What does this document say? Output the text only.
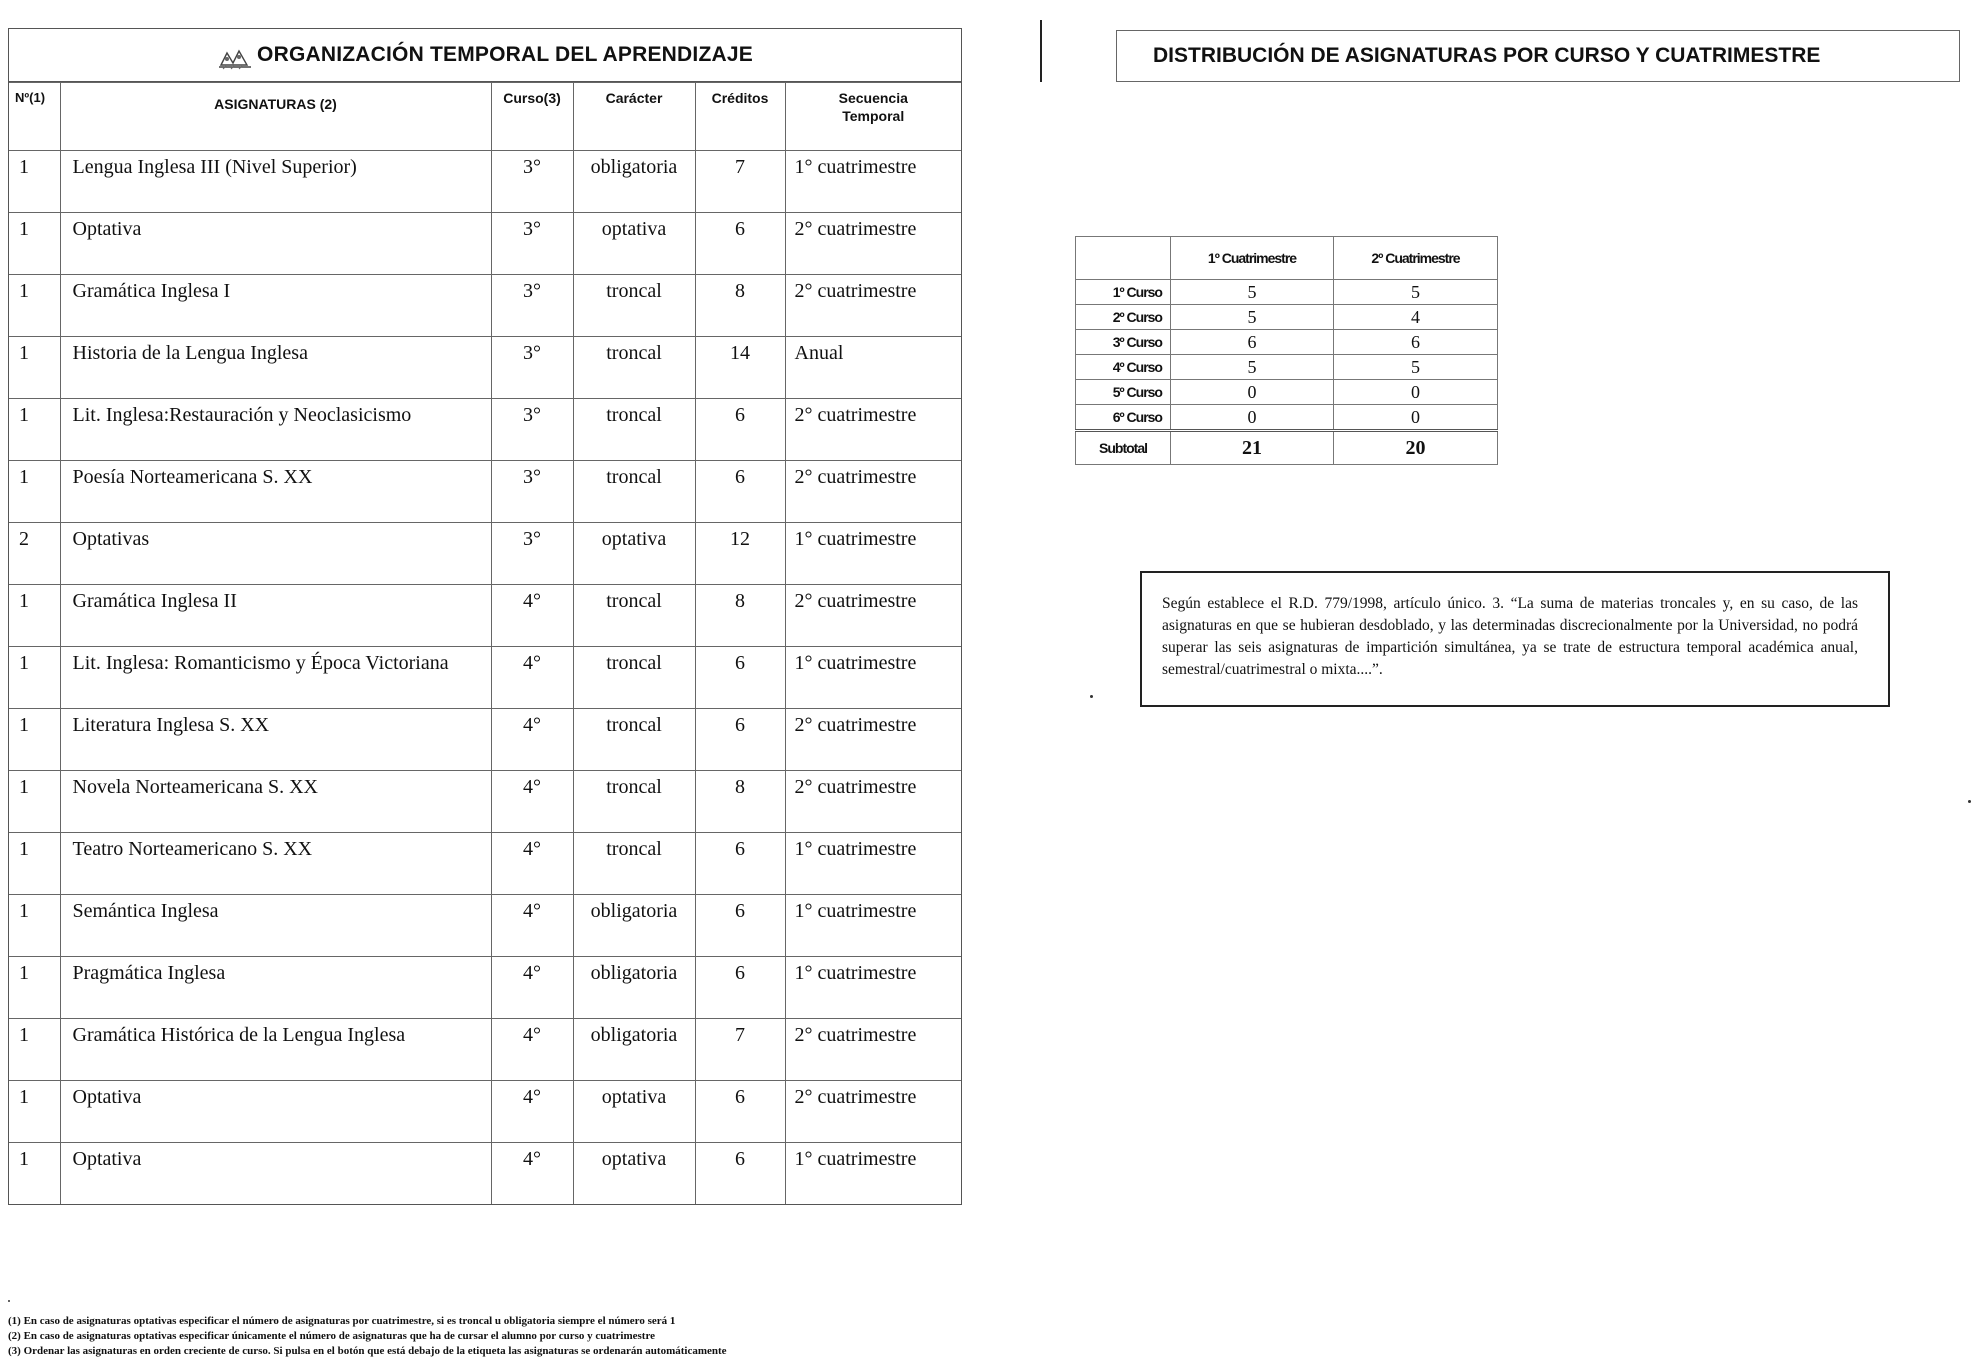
ORGANIZACIÓN TEMPORAL DEL APRENDIZAJE
Nº(1)	ASIGNATURAS (2)	Curso(3)	Carácter	Créditos	Secuencia Temporal
1	Lengua Inglesa III (Nivel Superior)	3°	obligatoria	7	1° cuatrimestre
1	Optativa	3°	optativa	6	2° cuatrimestre
1	Gramática Inglesa I	3°	troncal	8	2° cuatrimestre
1	Historia de la Lengua Inglesa	3°	troncal	14	Anual
1	Lit. Inglesa:Restauración y Neoclasicismo	3°	troncal	6	2° cuatrimestre
1	Poesía Norteamericana S. XX	3°	troncal	6	2° cuatrimestre
2	Optativas	3°	optativa	12	1° cuatrimestre
1	Gramática Inglesa II	4°	troncal	8	2° cuatrimestre
1	Lit. Inglesa: Romanticismo y Época Victoriana	4°	troncal	6	1° cuatrimestre
1	Literatura Inglesa S. XX	4°	troncal	6	2° cuatrimestre
1	Novela Norteamericana S. XX	4°	troncal	8	2° cuatrimestre
1	Teatro Norteamericano S. XX	4°	troncal	6	1° cuatrimestre
1	Semántica Inglesa	4°	obligatoria	6	1° cuatrimestre
1	Pragmática Inglesa	4°	obligatoria	6	1° cuatrimestre
1	Gramática Histórica de la Lengua Inglesa	4°	obligatoria	7	2° cuatrimestre
1	Optativa	4°	optativa	6	2° cuatrimestre
1	Optativa	4°	optativa	6	1° cuatrimestre
DISTRIBUCIÓN DE ASIGNATURAS POR CURSO Y CUATRIMESTRE
	1º Cuatrimestre	2º Cuatrimestre
1º Curso	5	5
2º Curso	5	4
3º Curso	6	6
4º Curso	5	5
5º Curso	0	0
6º Curso	0	0
Subtotal	21	20
Según establece el R.D. 779/1998, artículo único. 3. “La suma de materias troncales y, en su caso, de las asignaturas en que se hubieran desdoblado, y las determinadas discrecionalmente por la Universidad, no podrá superar las seis asignaturas de impartición simultánea, ya se trate de estructura temporal académica anual, semestral/cuatrimestral o mixta....”.
(1) En caso de asignaturas optativas especificar el número de asignaturas por cuatrimestre, si es troncal u obligatoria siempre el número será 1
(2) En caso de asignaturas optativas especificar únicamente el número de asignaturas que ha de cursar el alumno por curso y cuatrimestre
(3) Ordenar las asignaturas en orden creciente de curso. Si pulsa en el botón que está debajo de la etiqueta las asignaturas se ordenarán automáticamente
